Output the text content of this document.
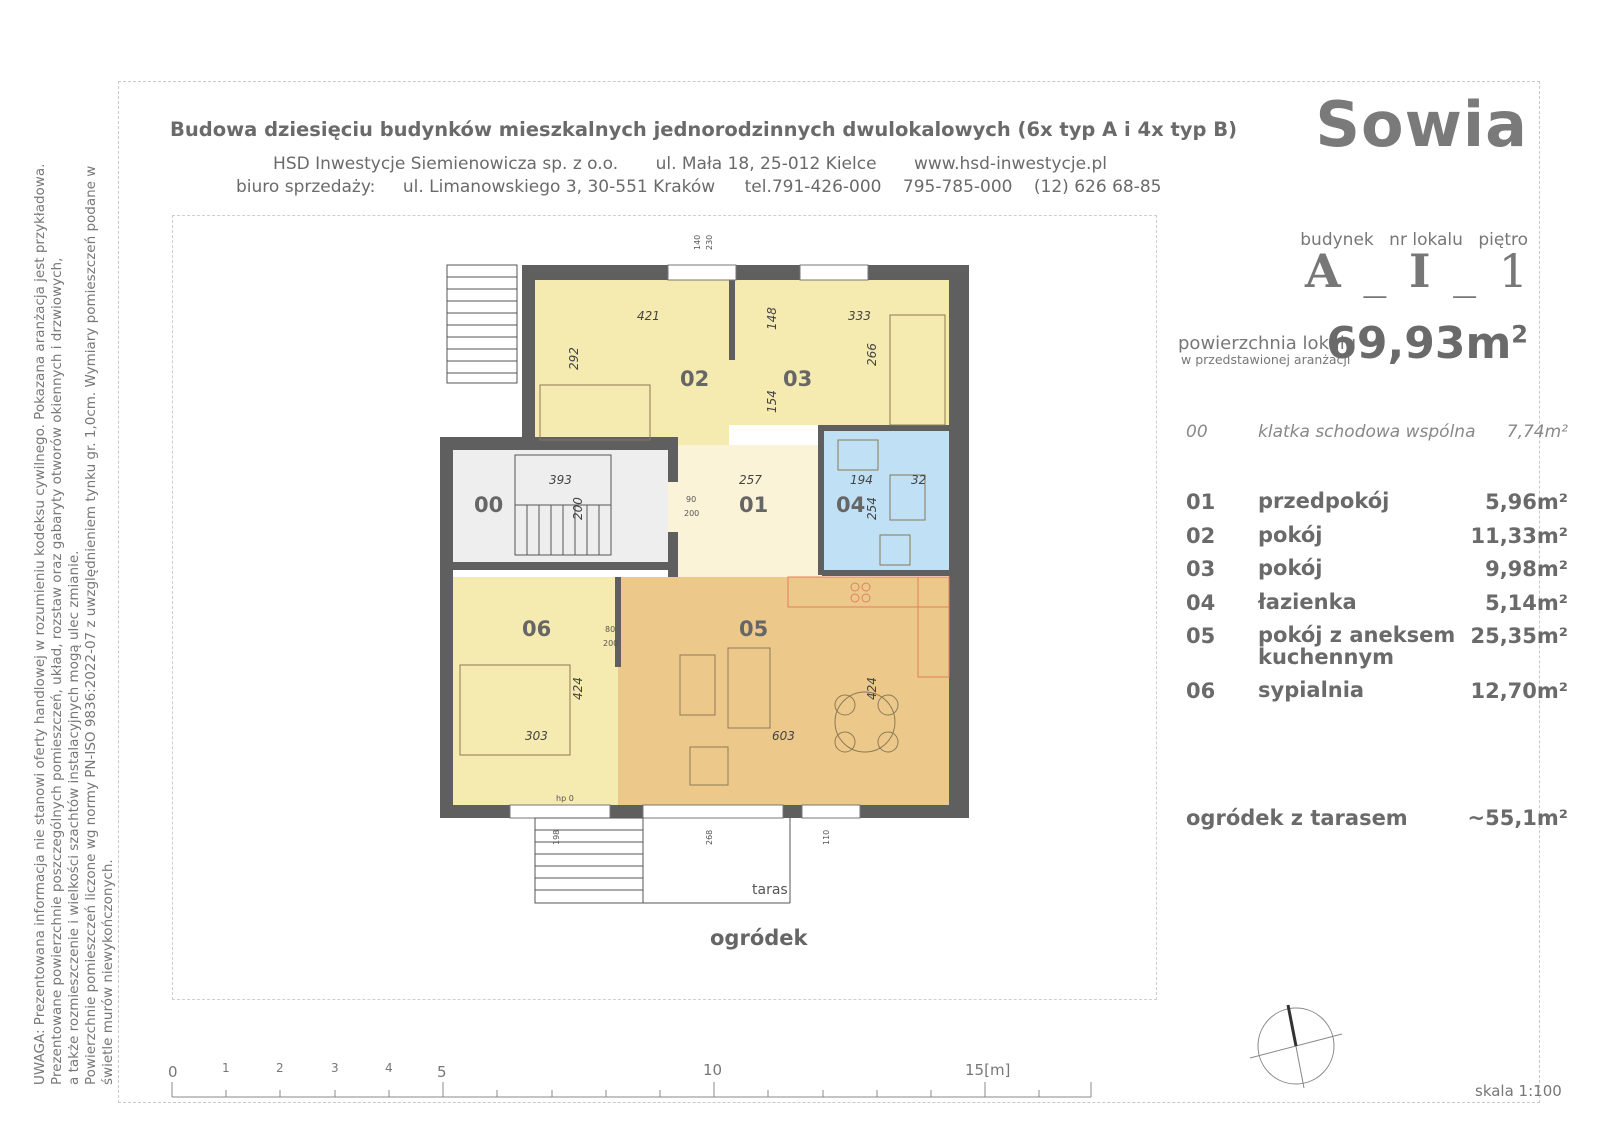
Budowa dziesięciu budynków mieszkalnych jednorodzinnych dwulokalowych (6x typ A i 4x typ B)
HSD Inwestycje Siemienowicza sp. z o.o. ul. Mała 18, 25-012 Kielce www.hsd-inwestycje.pl
biuro sprzedaży: ul. Limanowskiego 3, 30-551 Kraków tel.791-426-000 795-785-000 (12) 626 68-85
Sowia
budynek nr lokalu piętro
A _ I _ 1
powierzchnia lokalu
w przedstawionej aranżacji
$69,93m^2$
00	klatka schodowa wspólna 7,74m²
01 przedpokój	5,96m²
02 pokój	11,33m²
03 pokój	9,98m²
04 łazienka	5,14m²
05 pokój z aneksem kuchennym
25,35m²
06 sypialnia	12,70m²
ogródek z tarasem	~55,1m²

UWAGA: Prezentowana informacja nie stanowi oferty handlowej w rozumieniu kodeksu cywilnego. Pokazana aranżacja jest przykładowa. Prezentowane powierzchnie poszczególnych pomieszczeń, układ, rozstaw oraz gabaryty otworów okiennych i drzwiowych, a także rozmieszczenie i wielkości szachtów instalacyjnych mogą ulec zmianie. Powierzchnie pomieszczeń liczone wg normy PN-ISO 9836:2022-07 z uwzględnieniem tynku gr. 1,0cm. Wymiary pomieszczeń podane w świetle murów niewykończonych.

00	01
02	03
04
05
06
421	333
292
148
266
154
393	257	194	32
200	254
303	603
424	424
80
200
90
200
140 230
268	110
198
hp 0
taras
ogródek
0	1	2	3	4	5	10	15[m]
skala 1:100
